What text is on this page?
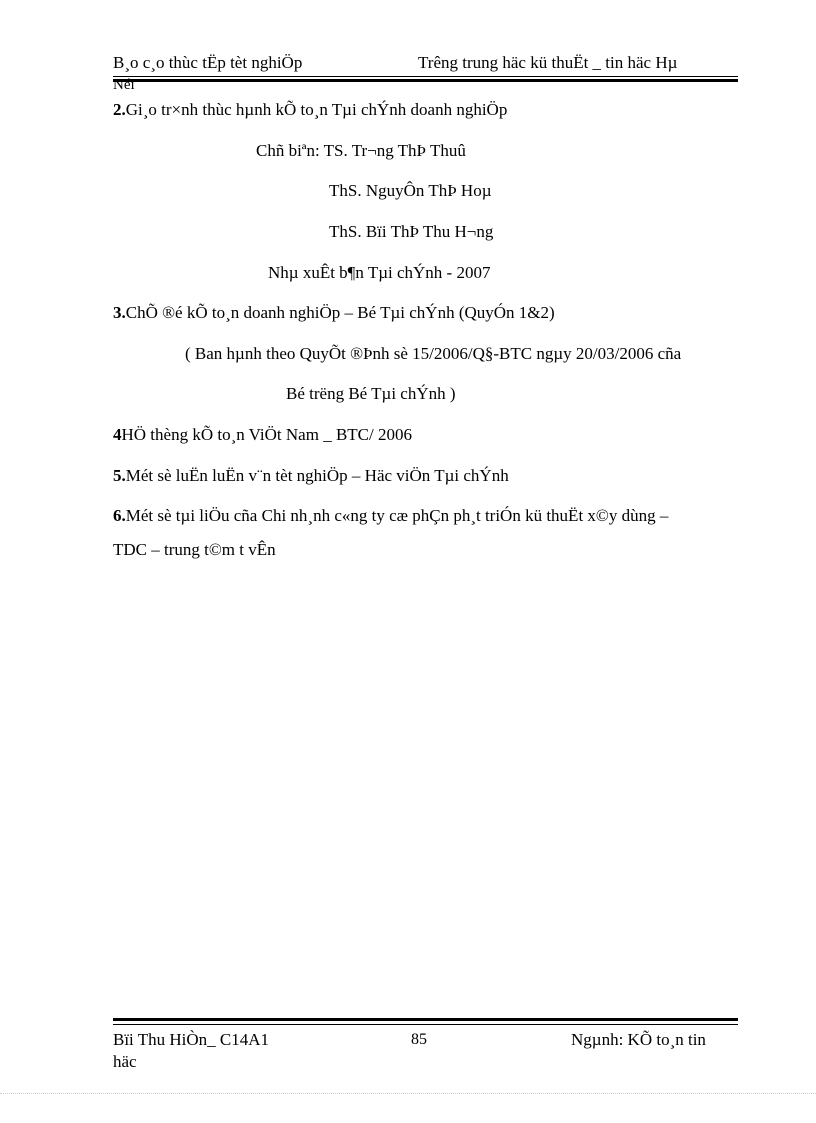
B¸o c¸o thùc tËp tèt nghiÖp	Trêng trung häc kü thuËt _ tin häc Hµ
Néi
2.Gi¸o tr×nh thùc hµnh kÕ to¸n Tµi chÝnh doanh nghiÖp
Chñ biªn: TS. Tr¬ng ThÞ Thuû
ThS. NguyÔn ThÞ Hoµ
ThS. Bïi ThÞ Thu H¬ng
Nhµ xuÊt b¶n Tµi chÝnh - 2007
3.ChÕ ®é kÕ to¸n doanh nghiÖp – Bé Tµi chÝnh (QuyÓn 1&2)
( Ban hµnh theo QuyÕt ®Þnh sè 15/2006/Q§-BTC ngµy 20/03/2006 cña
Bé trëng Bé Tµi chÝnh )
4HÖ thèng kÕ to¸n ViÖt Nam _ BTC/ 2006
5.Mét sè luËn luËn v¨n tèt nghiÖp – Häc viÖn Tµi chÝnh
6.Mét sè tµi liÖu cña Chi nh¸nh c«ng ty cæ phÇn ph¸t triÓn kü thuËt x©y dùng –
TDC – trung t©m t vÊn
Bïi Thu HiÒn_ C14A1	85	Ngµnh: KÕ to¸n tin
häc
